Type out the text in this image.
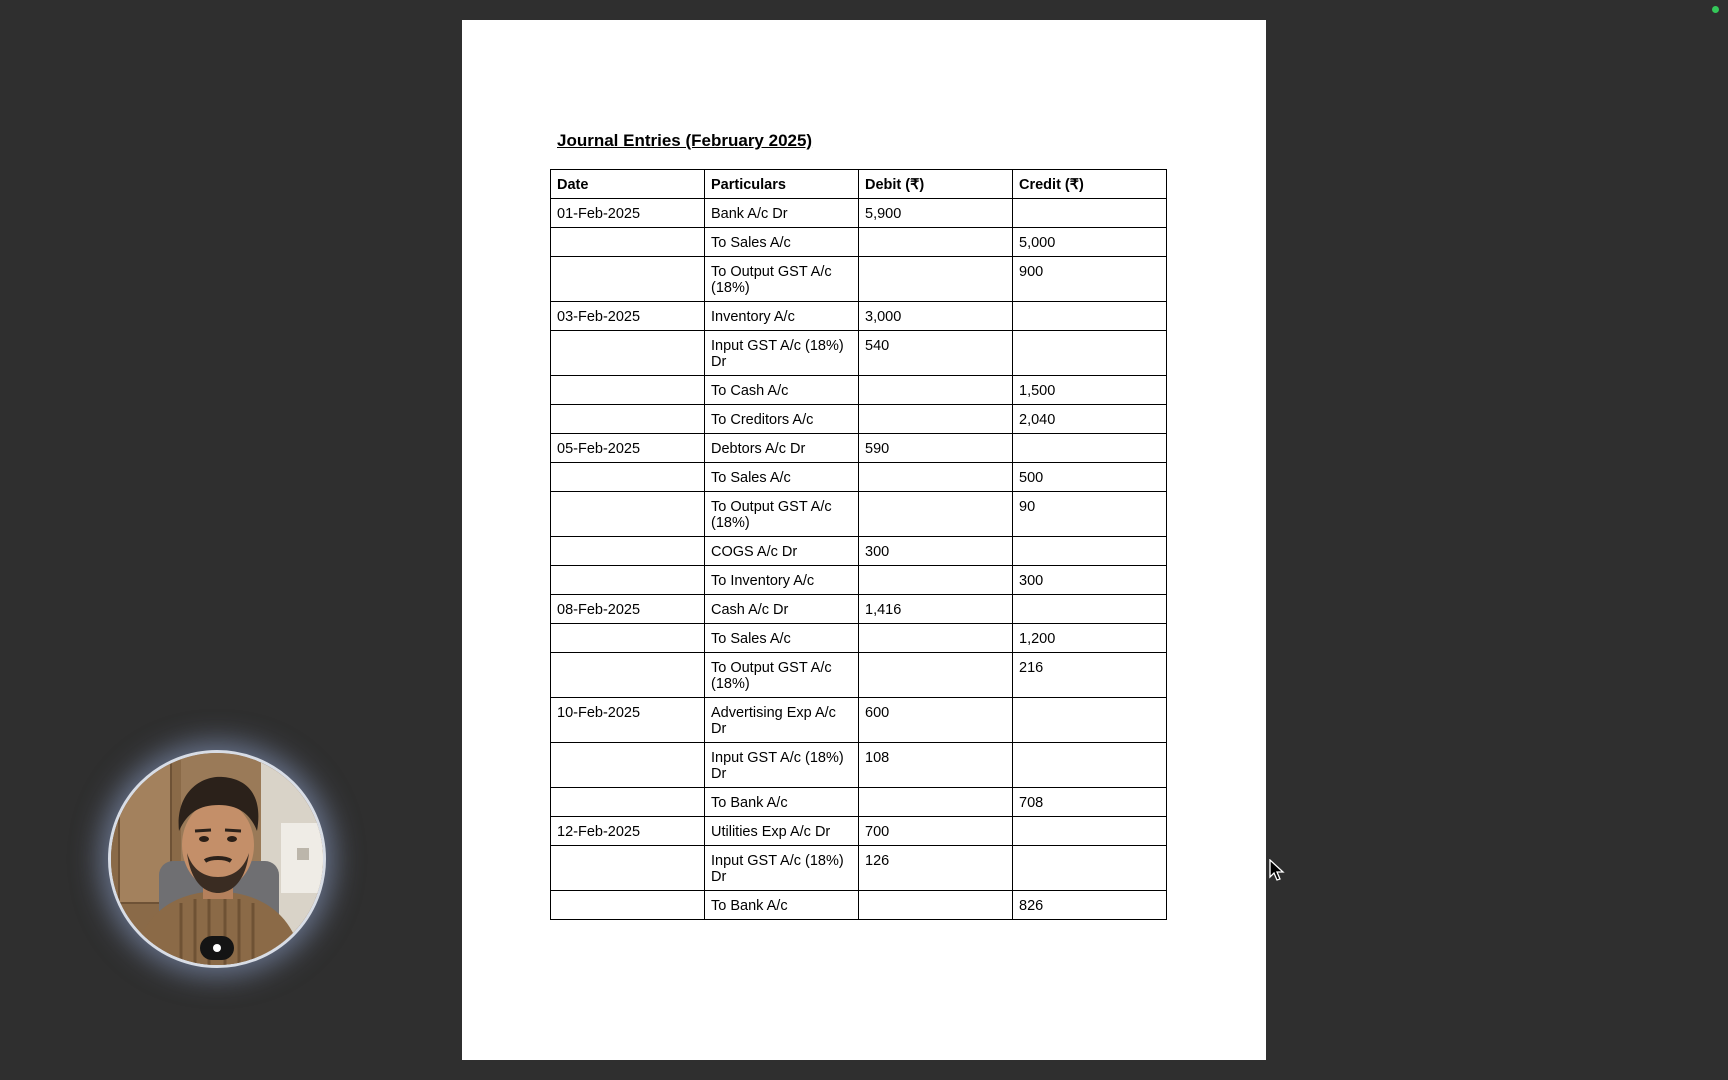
Journal Entries (February 2025)
Date	Particulars	Debit (₹)	Credit (₹)
01-Feb-2025	Bank A/c Dr	5,900	
	To Sales A/c		5,000
	To Output GST A/c (18%)		900
03-Feb-2025	Inventory A/c	3,000	
	Input GST A/c (18%) Dr	540	
	To Cash A/c		1,500
	To Creditors A/c		2,040
05-Feb-2025	Debtors A/c Dr	590	
	To Sales A/c		500
	To Output GST A/c (18%)		90
	COGS A/c Dr	300	
	To Inventory A/c		300
08-Feb-2025	Cash A/c Dr	1,416	
	To Sales A/c		1,200
	To Output GST A/c (18%)		216
10-Feb-2025	Advertising Exp A/c Dr	600	
	Input GST A/c (18%) Dr	108	
	To Bank A/c		708
12-Feb-2025	Utilities Exp A/c Dr	700	
	Input GST A/c (18%) Dr	126	
	To Bank A/c		826
